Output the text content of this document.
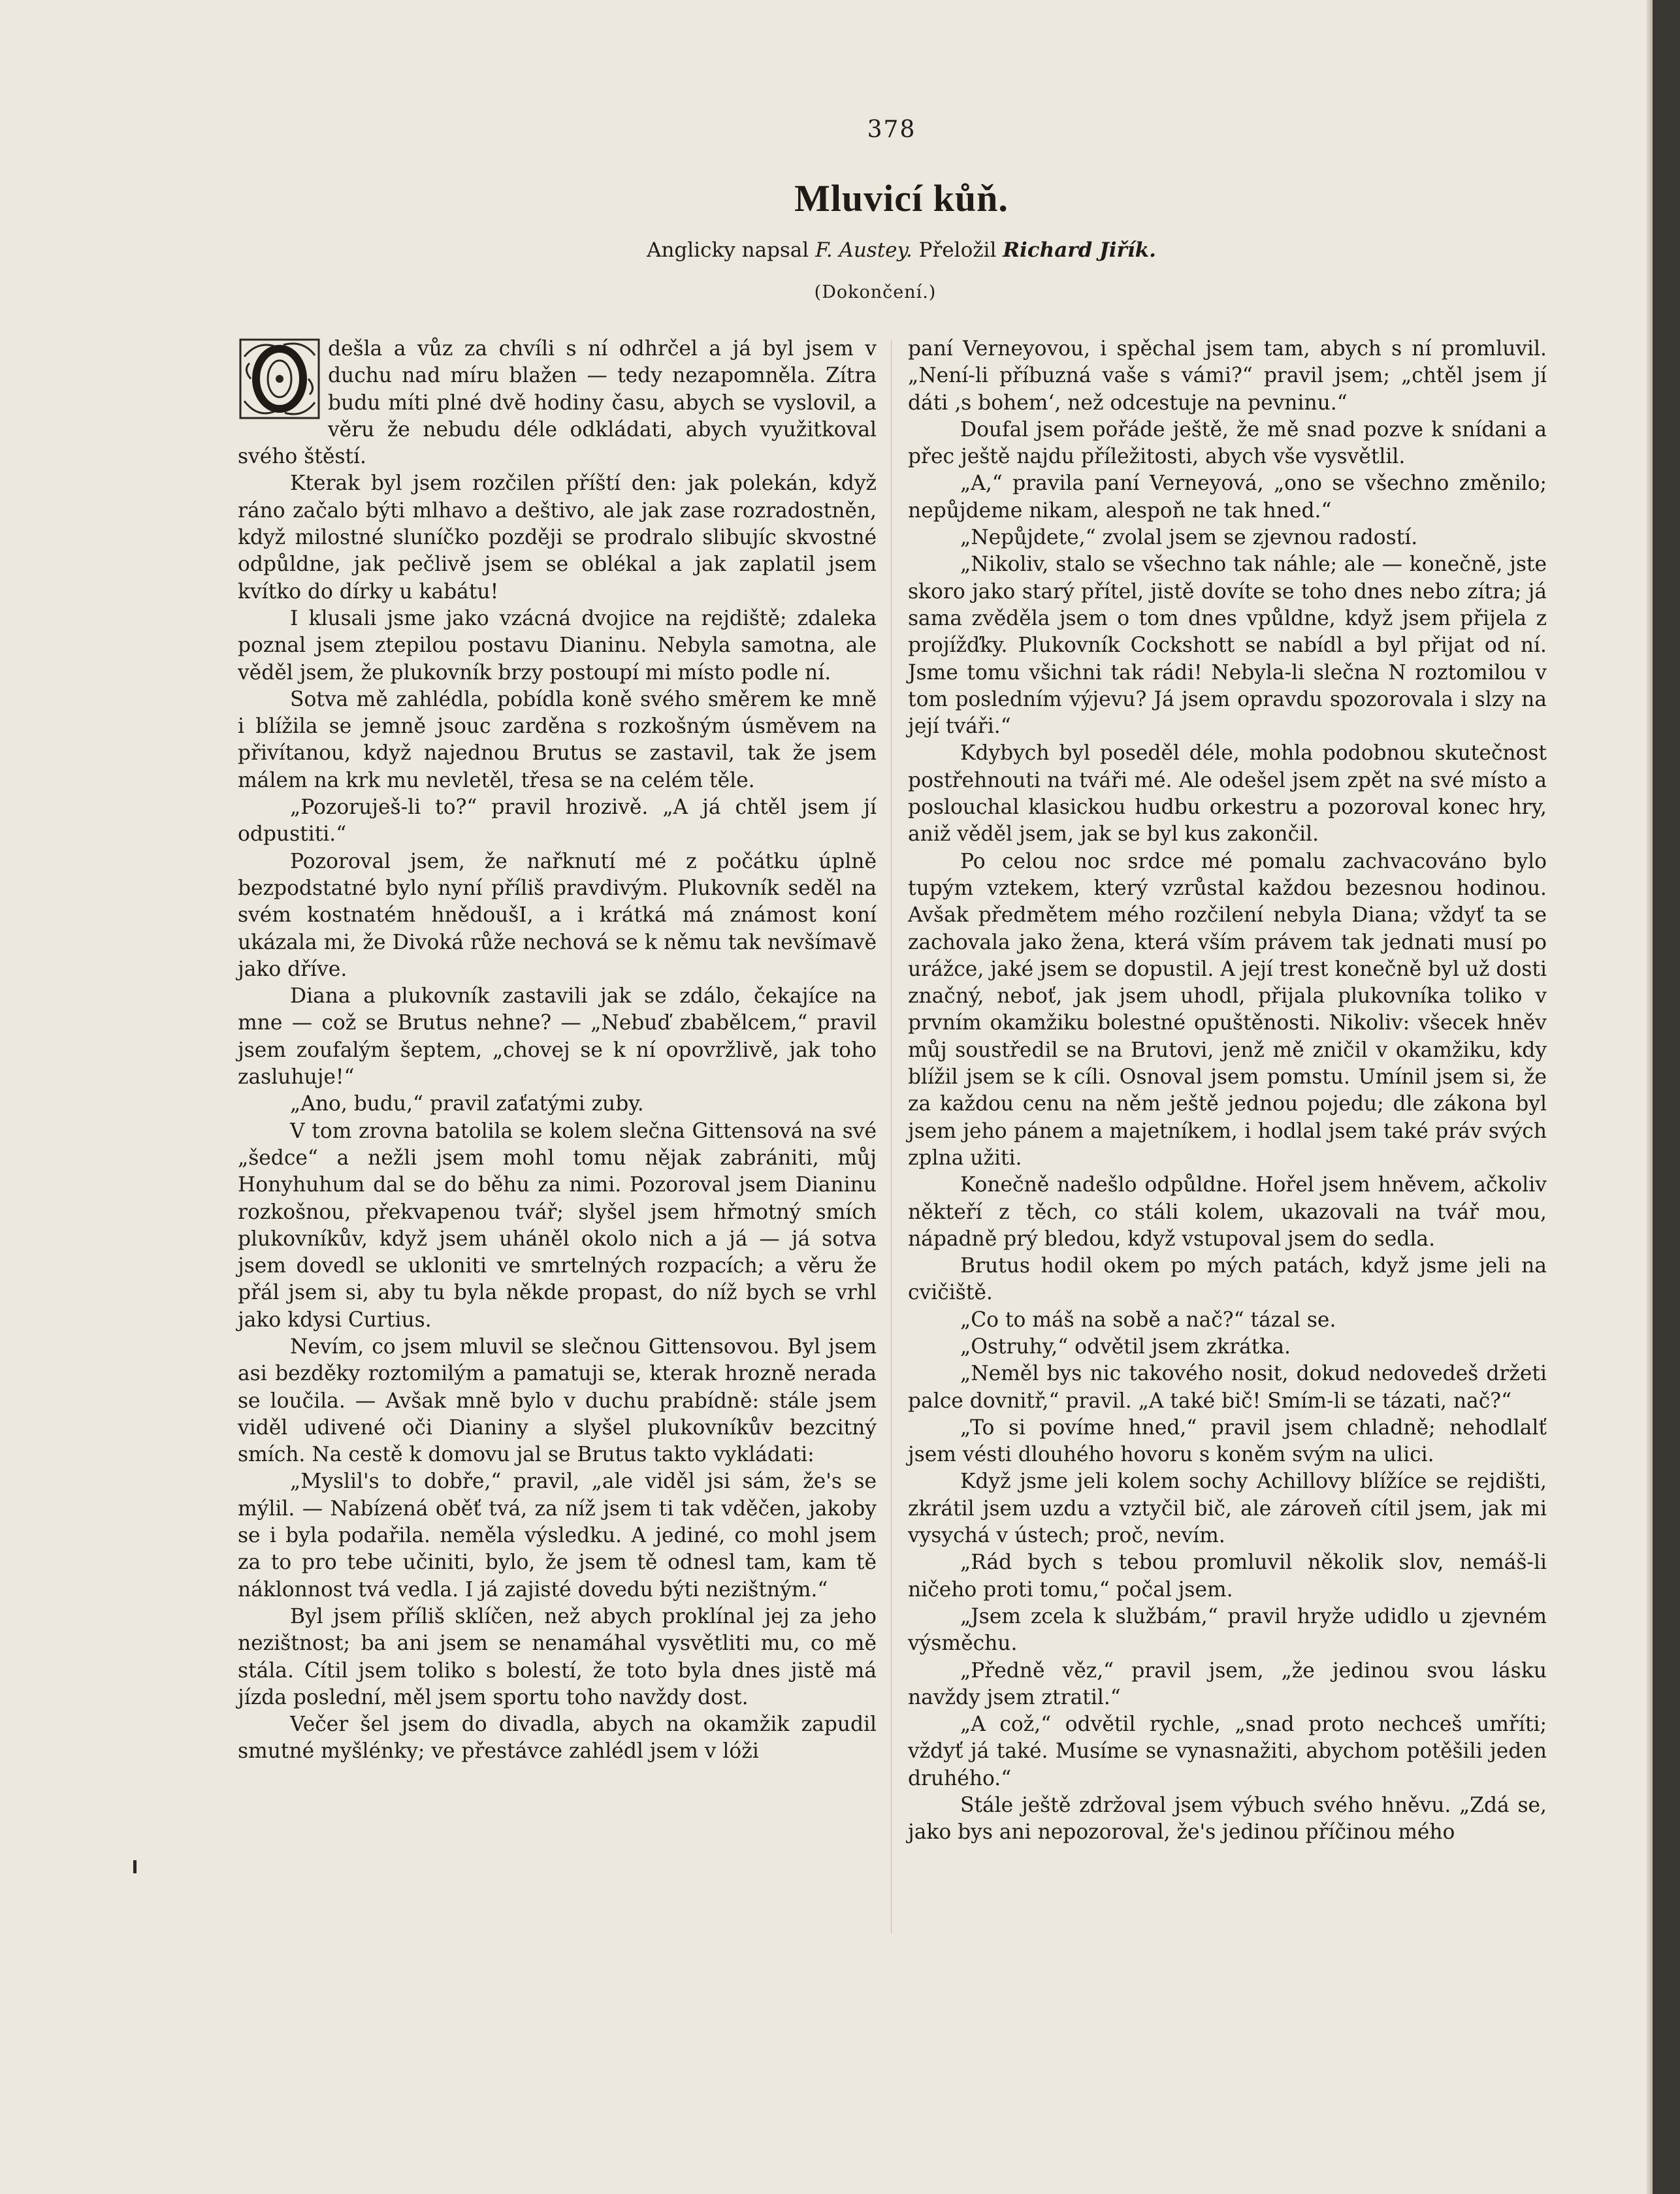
378
Mluvicí kůň.
Anglicky napsal F. Austey. Přeložil Richard Jiřík.
(Dokončení.)

dešla a vůz za chvíli s ní odhrčel a já byl jsem v duchu nad míru blažen — tedy nezapomněla. Zítra budu míti plné dvě hodiny času, abych se vyslovil, a věru že nebudu déle odkládati, abych využitkoval svého štěstí.

Kterak byl jsem rozčilen příští den: jak polekán, když ráno začalo býti mlhavo a deštivo, ale jak zase rozradostněn, když milostné sluníčko později se prodralo slibujíc skvostné odpůldne, jak pečlivě jsem se oblékal a jak zaplatil jsem kvítko do dírky u kabátu!

I klusali jsme jako vzácná dvojice na rejdiště; zdaleka poznal jsem ztepilou postavu Dianinu. Nebyla samotna, ale věděl jsem, že plukovník brzy postoupí mi místo podle ní.

Sotva mě zahlédla, pobídla koně svého směrem ke mně i blížila se jemně jsouc zarděna s rozkošným úsměvem na přivítanou, když najednou Brutus se zastavil, tak že jsem málem na krk mu nevletěl, třesa se na celém těle.

„Pozoruješ-li to?“ pravil hrozivě. „A já chtěl jsem jí odpustiti.“

Pozoroval jsem, že nařknutí mé z počátku úplně bezpodstatné bylo nyní příliš pravdivým. Plukovník seděl na svém kostnatém hnědoušI, a i krátká má známost koní ukázala mi, že Divoká růže nechová se k němu tak nevšímavě jako dříve.

Diana a plukovník zastavili jak se zdálo, čekajíce na mne — což se Brutus nehne? — „Nebuď zbabělcem,“ pravil jsem zoufalým šeptem, „chovej se k ní opovržlivě, jak toho zasluhuje!“

„Ano, budu,“ pravil zaťatými zuby.

V tom zrovna batolila se kolem slečna Gittensová na své „šedce“ a nežli jsem mohl tomu nějak zabrániti, můj Honyhuhum dal se do běhu za nimi. Pozoroval jsem Dianinu rozkošnou, překvapenou tvář; slyšel jsem hřmotný smích plukovníkův, když jsem uháněl okolo nich a já — já sotva jsem dovedl se ukloniti ve smrtelných rozpacích; a věru že přál jsem si, aby tu byla někde propast, do níž bych se vrhl jako kdysi Curtius.

Nevím, co jsem mluvil se slečnou Gittensovou. Byl jsem asi bezděky roztomilým a pamatuji se, kterak hrozně nerada se loučila. — Avšak mně bylo v duchu prabídně: stále jsem viděl udivené oči Dianiny a slyšel plukovníkův bezcitný smích. Na cestě k domovu jal se Brutus takto vykládati:

„Myslil's to dobře,“ pravil, „ale viděl jsi sám, že's se mýlil. — Nabízená oběť tvá, za níž jsem ti tak vděčen, jakoby se i byla podařila. neměla výsledku. A jediné, co mohl jsem za to pro tebe učiniti, bylo, že jsem tě odnesl tam, kam tě náklonnost tvá vedla. I já zajisté dovedu býti nezištným.“

Byl jsem příliš sklíčen, než abych proklínal jej za jeho nezištnost; ba ani jsem se nenamáhal vysvětliti mu, co mě stála. Cítil jsem toliko s bolestí, že toto byla dnes jistě má jízda poslední, měl jsem sportu toho navždy dost.

Večer šel jsem do divadla, abych na okamžik zapudil smutné myšlénky; ve přestávce zahlédl jsem v lóži

paní Verneyovou, i spěchal jsem tam, abych s ní promluvil. „Není-li příbuzná vaše s vámi?“ pravil jsem; „chtěl jsem jí dáti ‚s bohem‘, než odcestuje na pevninu.“

Doufal jsem pořáde ještě, že mě snad pozve k snídani a přec ještě najdu příležitosti, abych vše vysvětlil.

„A,“ pravila paní Verneyová, „ono se všechno změnilo; nepůjdeme nikam, alespoň ne tak hned.“

„Nepůjdete,“ zvolal jsem se zjevnou radostí.

„Nikoliv, stalo se všechno tak náhle; ale — konečně, jste skoro jako starý přítel, jistě dovíte se toho dnes nebo zítra; já sama zvěděla jsem o tom dnes vpůldne, když jsem přijela z projížďky. Plukovník Cockshott se nabídl a byl přijat od ní. Jsme tomu všichni tak rádi! Nebyla-li slečna N roztomilou v tom posledním výjevu? Já jsem opravdu spozorovala i slzy na její tváři.“

Kdybych byl poseděl déle, mohla podobnou skutečnost postřehnouti na tváři mé. Ale odešel jsem zpět na své místo a poslouchal klasickou hudbu orkestru a pozoroval konec hry, aniž věděl jsem, jak se byl kus zakončil.

Po celou noc srdce mé pomalu zachvacováno bylo tupým vztekem, který vzrůstal každou bezesnou hodinou. Avšak předmětem mého rozčilení nebyla Diana; vždyť ta se zachovala jako žena, která vším právem tak jednati musí po urážce, jaké jsem se dopustil. A její trest konečně byl už dosti značný, neboť, jak jsem uhodl, přijala plukovníka toliko v prvním okamžiku bolestné opuštěnosti. Nikoliv: všecek hněv můj soustředil se na Brutovi, jenž mě zničil v okamžiku, kdy blížil jsem se k cíli. Osnoval jsem pomstu. Umínil jsem si, že za každou cenu na něm ještě jednou pojedu; dle zákona byl jsem jeho pánem a majetníkem, i hodlal jsem také práv svých zplna užiti.

Konečně nadešlo odpůldne. Hořel jsem hněvem, ačkoliv někteří z těch, co stáli kolem, ukazovali na tvář mou, nápadně prý bledou, když vstupoval jsem do sedla.

Brutus hodil okem po mých patách, když jsme jeli na cvičiště.

„Co to máš na sobě a nač?“ tázal se.

„Ostruhy,“ odvětil jsem zkrátka.

„Neměl bys nic takového nosit, dokud nedovedeš držeti palce dovnitř,“ pravil. „A také bič! Smím-li se tázati, nač?“

„To si povíme hned,“ pravil jsem chladně; nehodlalť jsem vésti dlouhého hovoru s koněm svým na ulici.

Když jsme jeli kolem sochy Achillovy blížíce se rejdišti, zkrátil jsem uzdu a vztyčil bič, ale zároveň cítil jsem, jak mi vysychá v ústech; proč, nevím.

„Rád bych s tebou promluvil několik slov, nemáš-li ničeho proti tomu,“ počal jsem.

„Jsem zcela k službám,“ pravil hryže udidlo u zjevném výsměchu.

„Předně věz,“ pravil jsem, „že jedinou svou lásku navždy jsem ztratil.“

„A což,“ odvětil rychle, „snad proto nechceš umříti; vždyť já také. Musíme se vynasnažiti, abychom potěšili jeden druhého.“

Stále ještě zdržoval jsem výbuch svého hněvu. „Zdá se, jako bys ani nepozoroval, že's jedinou příčinou mého
